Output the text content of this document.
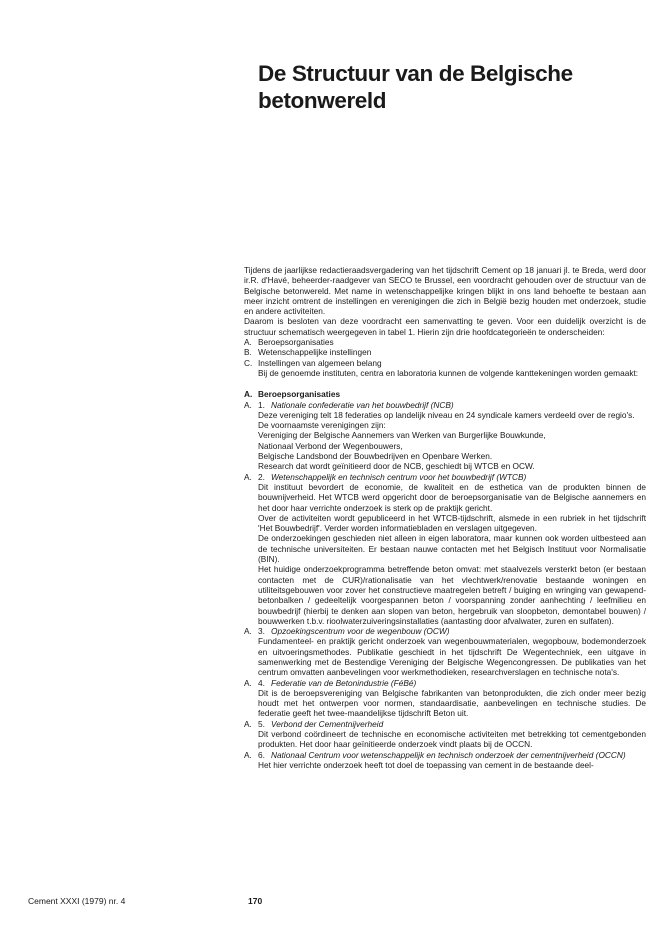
De Structuur van de Belgische betonwereld

Tijdens de jaarlijkse redactieraadsvergadering van het tijdschrift Cement op 18 januari jl. te Breda, werd door ir.R. d'Havé, beheerder-raadgever van SECO te Brussel, een voordracht gehouden over de structuur van de Belgische betonwereld. Met name in wetenschappelijke kringen blijkt in ons land behoefte te bestaan aan meer inzicht omtrent de instellingen en verenigingen die zich in België bezig houden met onderzoek, studie en andere activiteiten.

Daarom is besloten van deze voordracht een samenvatting te geven. Voor een duidelijk overzicht is de structuur schematisch weergegeven in tabel 1. Hierin zijn drie hoofdcategorieën te onderscheiden:

A. Beroepsorganisaties
B. Wetenschappelijke instellingen
C. Instellingen van algemeen belang

Bij de genoemde instituten, centra en laboratoria kunnen de volgende kanttekeningen worden gemaakt:

A. Beroepsorganisaties
A. 1. Nationale confederatie van het bouwbedrijf (NCB)

Deze vereniging telt 18 federaties op landelijk niveau en 24 syndicale kamers verdeeld over de regio's.

De voornaamste verenigingen zijn:

Vereniging der Belgische Aannemers van Werken van Burgerlijke Bouwkunde,

Nationaal Verbond der Wegenbouwers,

Belgische Landsbond der Bouwbedrijven en Openbare Werken.

Research dat wordt geïnitieerd door de NCB, geschiedt bij WTCB en OCW.

A. 2. Wetenschappelijk en technisch centrum voor het bouwbedrijf (WTCB)

Dit instituut bevordert de economie, de kwaliteit en de esthetica van de produkten binnen de bouwnijverheid. Het WTCB werd opgericht door de beroepsorganisatie van de Belgische aannemers en het door haar verrichte onderzoek is sterk op de praktijk gericht.

Over de activiteiten wordt gepubliceerd in het WTCB-tijdschrift, alsmede in een rubriek in het tijdschrift 'Het Bouwbedrijf'. Verder worden informatiebladen en verslagen uitgegeven.

De onderzoekingen geschieden niet alleen in eigen laboratora, maar kunnen ook worden uitbesteed aan de technische universiteiten. Er bestaan nauwe contacten met het Belgisch Instituut voor Normalisatie (BIN).

Het huidige onderzoekprogramma betreffende beton omvat: met staalvezels versterkt beton (er bestaan contacten met de CUR)/rationalisatie van het vlechtwerk/renovatie bestaande woningen en utiliteitsgebouwen voor zover het constructieve maatregelen betreft / buiging en wringing van gewapend-betonbalken / gedeeltelijk voorgespannen beton / voorspanning zonder aanhechting / leefmilieu en bouwbedrijf (hierbij te denken aan slopen van beton, hergebruik van sloopbeton, demontabel bouwen) / bouwwerken t.b.v. rioolwaterzuiveringsinstallaties (aantasting door afvalwater, zuren en sulfaten).

A. 3. Opzoekingscentrum voor de wegenbouw (OCW)

Fundamenteel- en praktijk gericht onderzoek van wegenbouwmaterialen, wegopbouw, bodemonderzoek en uitvoeringsmethodes. Publikatie geschiedt in het tijdschrift De Wegentechniek, een uitgave in samenwerking met de Bestendige Vereniging der Belgische Wegencongressen. De publikaties van het centrum omvatten aanbevelingen voor werkmethodieken, researchverslagen en technische nota's.

A. 4. Federatie van de Betonindustrie (FéBé)

Dit is de beroepsvereniging van Belgische fabrikanten van betonprodukten, die zich onder meer bezig houdt met het ontwerpen voor normen, standaardisatie, aanbevelingen en technische studies. De federatie geeft het twee-maandelijkse tijdschrift Beton uit.

A. 5. Verbond der Cementnijverheid

Dit verbond coördineert de technische en economische activiteiten met betrekking tot cementgebonden produkten. Het door haar geïnitieerde onderzoek vindt plaats bij de OCCN.

A. 6. Nationaal Centrum voor wetenschappelijk en technisch onderzoek der cementnijverheid (OCCN)

Het hier verrichte onderzoek heeft tot doel de toepassing van cement in de bestaande deel-

Cement XXXI (1979) nr. 4	170
